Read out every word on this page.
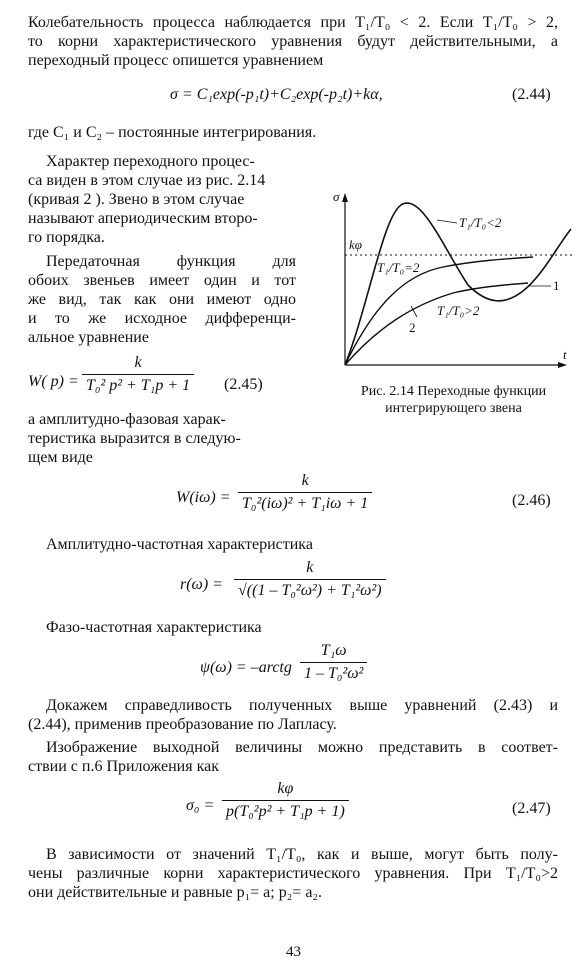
Колебательность процесса наблюдается при T₁/T₀ < 2. Если T₁/T₀ > 2,
то корни характеристического уравнения будут действительными, а
переходный процесс опишется уравнением
σ = C₁exp(-p₁t)+C₂exp(-p₂t)+kα,	(2.44)
где C₁ и C₂ – постоянные интегрирования.
Характер переходного процес-
са виден в этом случае из рис. 2.14
(кривая 2 ). Звено в этом случае
называют апериодическим второ-
го порядка.
Передаточная функция для
обоих звеньев имеет один и тот
же вид, так как они имеют одно
и то же исходное дифференци-
альное уравнение
W( $p) = \frac{k}{\text{T₀² p² + T₁p + 1}} (2.45)$
а амплитудно-фазовая харак-
теристика выразится в следую-
щем виде
σ
t
kφ
T₁/T₀<2
T₁/T₀=2
T₁/T₀>2
1
2
Рис. 2.14 Переходные функции
интегрирующего звена
$W(i\omega) = \frac{k}{\text{T₀²(iω)² + T₁iω + 1}}$	(2.46)
Амплитудно-частотная характеристика
$r(\omega) = \frac{k}{\text{√((1 – T₀²ω²) + T₁²ω²)}}$
Фазо-частотная характеристика
ψ(ω) = –arctg $\frac{\text{T₁ω}}{\text{1 – T₀²ω²}}$
Докажем справедливость полученных выше уравнений (2.43) и
(2.44), применив преобразование по Лапласу.
Изображение выходной величины можно представить в соответ-
ствии с п.6 Приложения как
$\sigma_0 = \frac{k\varphi}{\text{p(T₀²p² + T₁p + 1)}}$	(2.47)
В зависимости от значений T₁/T₀, как и выше, могут быть полу-
чены различные корни характеристического уравнения. При T₁/T₀>2
они действительные и равные p₁= a; p₂= a₂.
43
